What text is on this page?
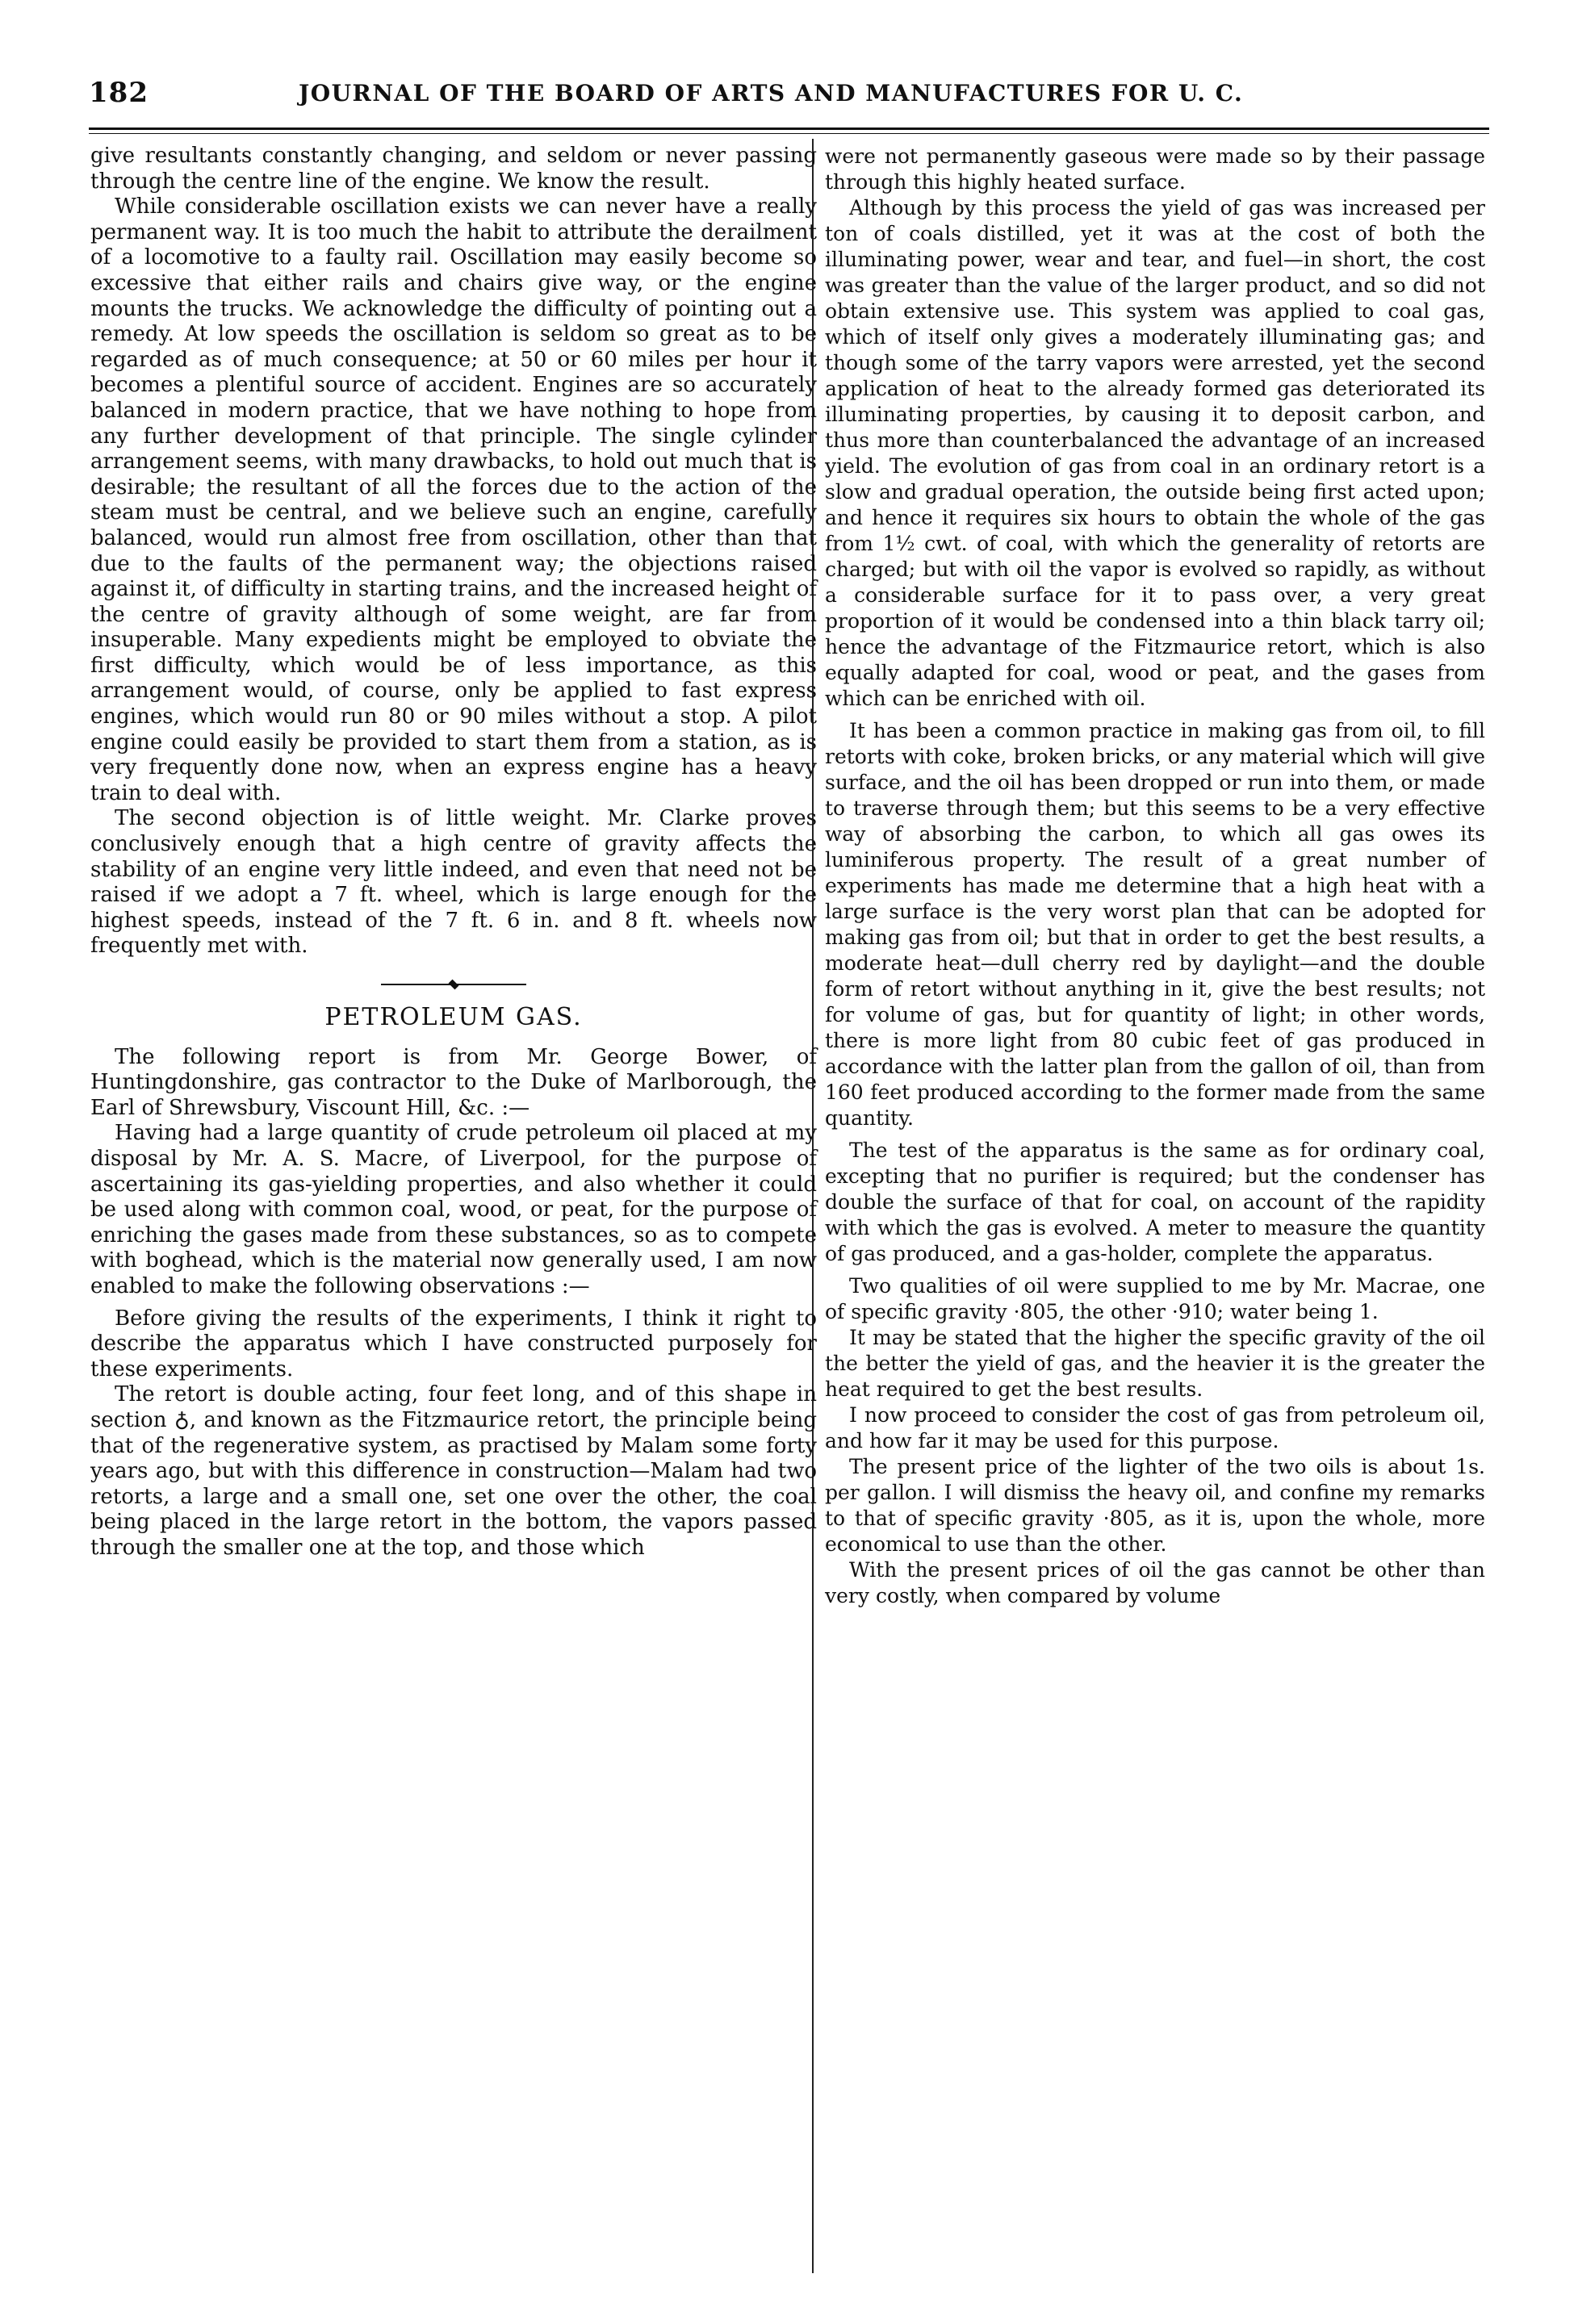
182	JOURNAL OF THE BOARD OF ARTS AND MANUFACTURES FOR U. C.

give resultants constantly changing, and seldom or never passing through the centre line of the engine. We know the result.

While considerable oscillation exists we can never have a really permanent way. It is too much the habit to attribute the derailment of a locomotive to a faulty rail. Oscillation may easily become so excessive that either rails and chairs give way, or the engine mounts the trucks. We acknowledge the difficulty of pointing out a remedy. At low speeds the oscillation is seldom so great as to be regarded as of much consequence; at 50 or 60 miles per hour it becomes a plentiful source of accident. Engines are so accurately balanced in modern practice, that we have nothing to hope from any further development of that principle. The single cylinder arrangement seems, with many drawbacks, to hold out much that is desirable; the resultant of all the forces due to the action of the steam must be central, and we believe such an engine, carefully balanced, would run almost free from oscillation, other than that due to the faults of the permanent way; the objections raised against it, of difficulty in starting trains, and the increased height of the centre of gravity although of some weight, are far from insuperable. Many expedients might be employed to obviate the first difficulty, which would be of less importance, as this arrangement would, of course, only be applied to fast express engines, which would run 80 or 90 miles without a stop. A pilot engine could easily be provided to start them from a station, as is very frequently done now, when an express engine has a heavy train to deal with.

The second objection is of little weight. Mr. Clarke proves conclusively enough that a high centre of gravity affects the stability of an engine very little indeed, and even that need not be raised if we adopt a 7 ft. wheel, which is large enough for the highest speeds, instead of the 7 ft. 6 in. and 8 ft. wheels now frequently met with.

PETROLEUM GAS.

The following report is from Mr. George Bower, of Huntingdonshire, gas contractor to the Duke of Marlborough, the Earl of Shrewsbury, Viscount Hill, &c. :—

Having had a large quantity of crude petroleum oil placed at my disposal by Mr. A. S. Macre, of Liverpool, for the purpose of ascertaining its gas-yielding properties, and also whether it could be used along with common coal, wood, or peat, for the purpose of enriching the gases made from these substances, so as to compete with boghead, which is the material now generally used, I am now enabled to make the following observations :—

Before giving the results of the experiments, I think it right to describe the apparatus which I have constructed purposely for these experiments.

The retort is double acting, four feet long, and of this shape in section ♁, and known as the Fitzmaurice retort, the principle being that of the regenerative system, as practised by Malam some forty years ago, but with this difference in construction—Malam had two retorts, a large and a small one, set one over the other, the coal being placed in the large retort in the bottom, the vapors passed through the smaller one at the top, and those which

were not permanently gaseous were made so by their passage through this highly heated surface.

Although by this process the yield of gas was increased per ton of coals distilled, yet it was at the cost of both the illuminating power, wear and tear, and fuel—in short, the cost was greater than the value of the larger product, and so did not obtain extensive use. This system was applied to coal gas, which of itself only gives a moderately illuminating gas; and though some of the tarry vapors were arrested, yet the second application of heat to the already formed gas deteriorated its illuminating properties, by causing it to deposit carbon, and thus more than counterbalanced the advantage of an increased yield. The evolution of gas from coal in an ordinary retort is a slow and gradual operation, the outside being first acted upon; and hence it requires six hours to obtain the whole of the gas from 1½ cwt. of coal, with which the generality of retorts are charged; but with oil the vapor is evolved so rapidly, as without a considerable surface for it to pass over, a very great proportion of it would be condensed into a thin black tarry oil; hence the advantage of the Fitzmaurice retort, which is also equally adapted for coal, wood or peat, and the gases from which can be enriched with oil.

It has been a common practice in making gas from oil, to fill retorts with coke, broken bricks, or any material which will give surface, and the oil has been dropped or run into them, or made to traverse through them; but this seems to be a very effective way of absorbing the carbon, to which all gas owes its luminiferous property. The result of a great number of experiments has made me determine that a high heat with a large surface is the very worst plan that can be adopted for making gas from oil; but that in order to get the best results, a moderate heat—dull cherry red by daylight—and the double form of retort without anything in it, give the best results; not for volume of gas, but for quantity of light; in other words, there is more light from 80 cubic feet of gas produced in accordance with the latter plan from the gallon of oil, than from 160 feet produced according to the former made from the same quantity.

The test of the apparatus is the same as for ordinary coal, excepting that no purifier is required; but the condenser has double the surface of that for coal, on account of the rapidity with which the gas is evolved. A meter to measure the quantity of gas produced, and a gas-holder, complete the apparatus.

Two qualities of oil were supplied to me by Mr. Macrae, one of specific gravity ·805, the other ·910; water being 1.

It may be stated that the higher the specific gravity of the oil the better the yield of gas, and the heavier it is the greater the heat required to get the best results.

I now proceed to consider the cost of gas from petroleum oil, and how far it may be used for this purpose.

The present price of the lighter of the two oils is about 1s. per gallon. I will dismiss the heavy oil, and confine my remarks to that of specific gravity ·805, as it is, upon the whole, more economical to use than the other.

With the present prices of oil the gas cannot be other than very costly, when compared by volume
